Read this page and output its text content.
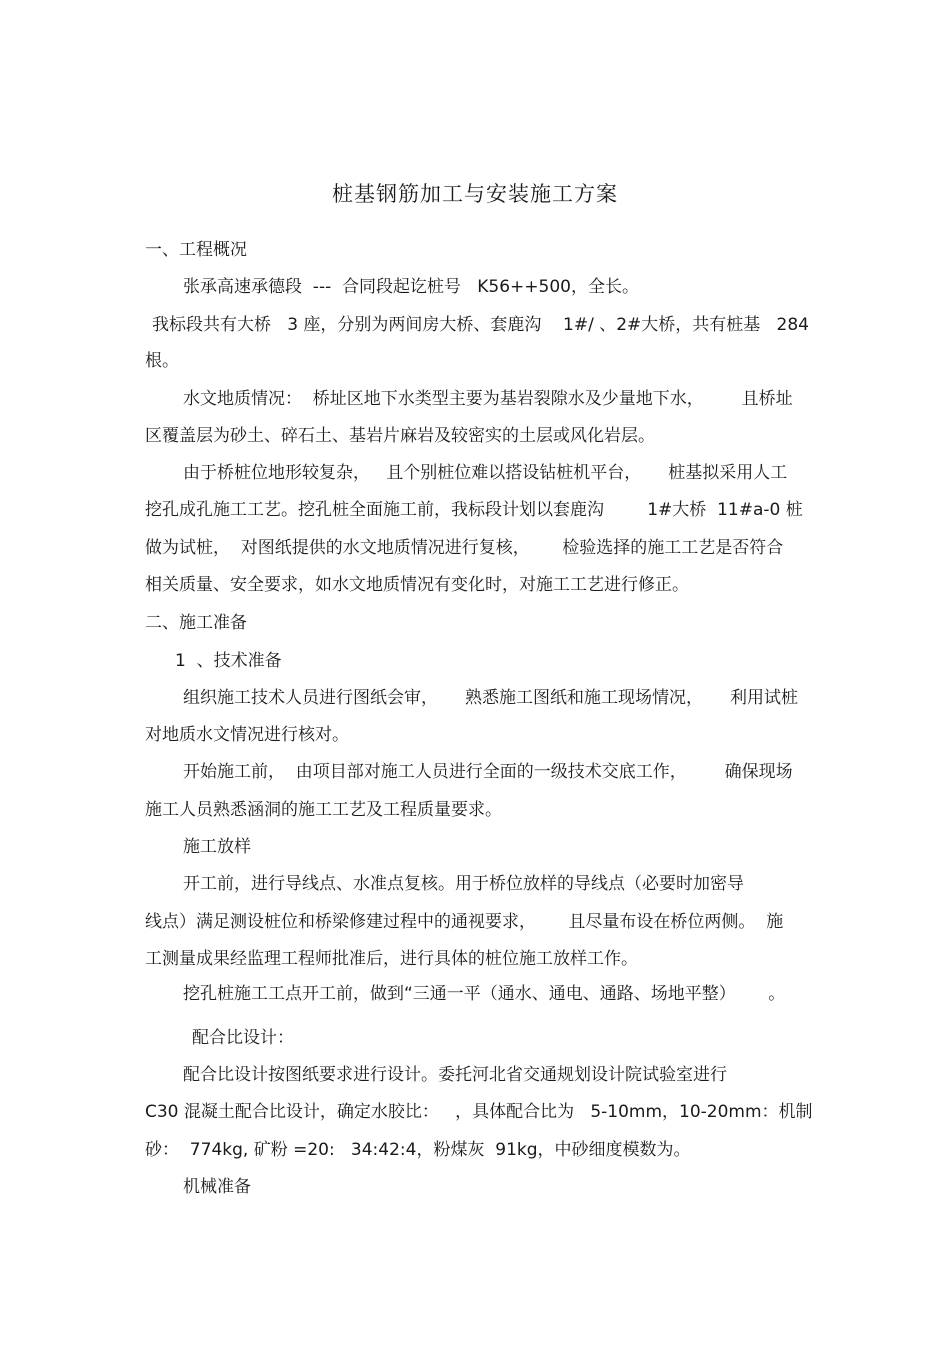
桩基钢筋加工与安装施工方案
一、工程概况
张承高速承德段  ---  合同段起讫桩号   K56++500，全长。
我标段共有大桥   3 座，分别为两间房大桥、套鹿沟    1#/ 、2#大桥，共有桩基   284
根。
水文地质情况：  桥址区地下水类型主要为基岩裂隙水及少量地下水，       且桥址
区覆盖层为砂土、碎石土、基岩片麻岩及较密实的土层或风化岩层。
由于桥桩位地形较复杂，   且个别桩位难以搭设钻桩机平台，     桩基拟采用人工
挖孔成孔施工工艺。挖孔桩全面施工前，我标段计划以套鹿沟        1#大桥  11#a-0 桩
做为试桩，  对图纸提供的水文地质情况进行复核，      检验选择的施工工艺是否符合
相关质量、安全要求，如水文地质情况有变化时，对施工工艺进行修正。
二、施工准备
1  、技术准备
组织施工技术人员进行图纸会审，     熟悉施工图纸和施工现场情况，     利用试桩
对地质水文情况进行核对。
开始施工前，  由项目部对施工人员进行全面的一级技术交底工作，       确保现场
施工人员熟悉涵洞的施工工艺及工程质量要求。
施工放样
开工前，进行导线点、水准点复核。用于桥位放样的导线点（必要时加密导
线点）满足测设桩位和桥梁修建过程中的通视要求，      且尽量布设在桥位两侧。  施
工测量成果经监理工程师批准后，进行具体的桩位施工放样工作。
挖孔桩施工工点开工前，做到“三通一平（通水、通电、通路、场地平整）      。
配合比设计：
配合比设计按图纸要求进行设计。委托河北省交通规划设计院试验室进行
C30 混凝土配合比设计，确定水胶比：   ，具体配合比为   5-10mm，10-20mm：机制
砂：  774kg, 矿粉 =20:   34:42:4，粉煤灰  91kg，中砂细度模数为。
机械准备
